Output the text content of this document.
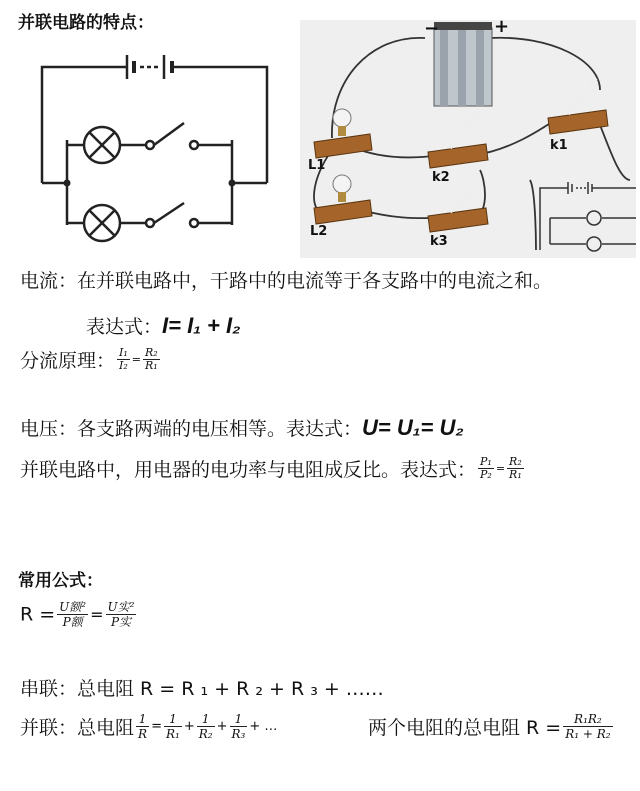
并联电路的特点：	−	+
L1
L2
k1
k2
k3
电流：在并联电路中，干路中的电流等于各支路中的电流之和。
表达式：I= I₁ + I₂
分流原理： $\frac{\text{I₁}}{\text{I₂}} = \frac{\text{R₂}}{\text{R₁}}$
电压：各支路两端的电压相等。表达式：U= U₁= U₂
并联电路中，用电器的电功率与电阻成反比。表达式： $\frac{\text{P₁}}{\text{P₂}} = \frac{\text{R₂}}{\text{R₁}}$
常用公式：
$R = \frac{\text{U额²}}{\text{P额}} = \frac{\text{U实²}}{\text{P实}}$
串联：总电阻 R = R ₁ + R ₂ + R ₃ + ……
并联：总电阻 $\frac{1}{R} = \frac{1}{\text{R₁}} + \frac{1}{\text{R₂}} + \frac{1}{\text{R₃}}$ + …	两个电阻的总电阻 $R = \frac{\text{R₁R₂}}{\text{R₁ + R₂}}$
